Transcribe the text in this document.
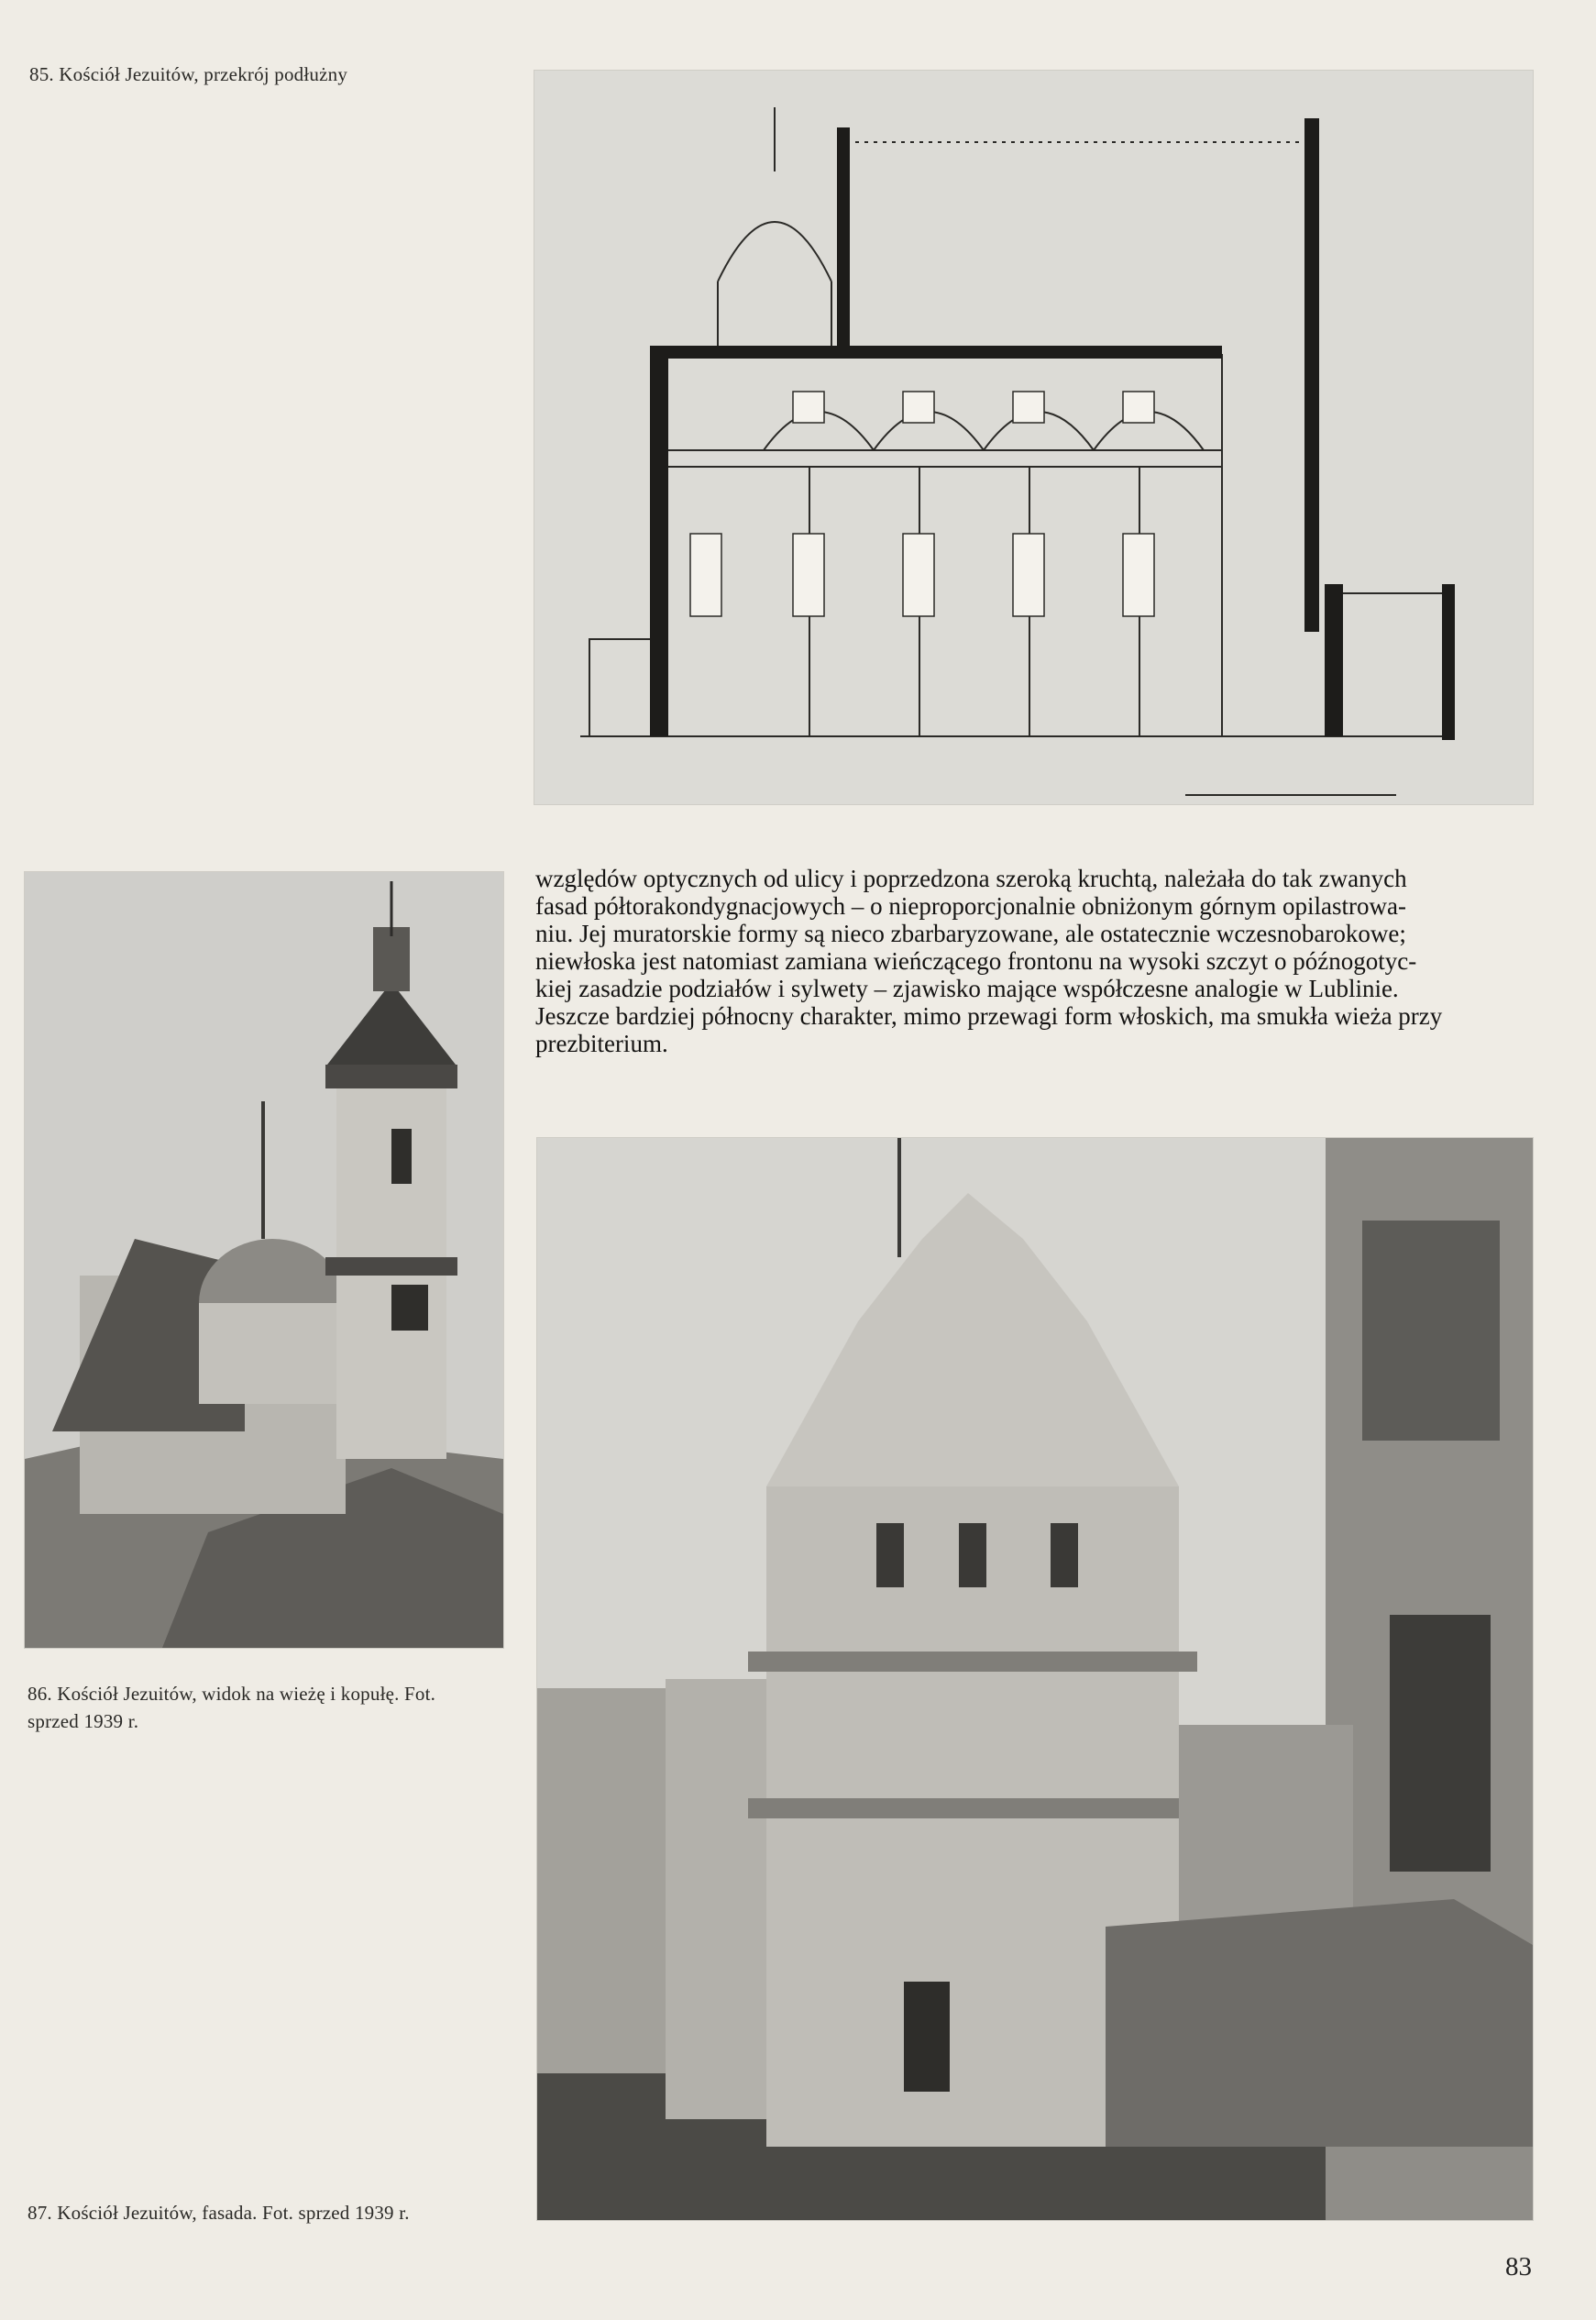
85. Kościół Jezuitów, przekrój podłużny
86. Kościół Jezuitów, widok na wieżę i kopułę. Fot.
sprzed 1939 r.
względów optycznych od ulicy i poprzedzona szeroką kruchtą, należała do tak zwanych
fasad półtorakondygnacjowych – o nieproporcjonalnie obniżonym górnym opilastrowa-
niu. Jej muratorskie formy są nieco zbarbaryzowane, ale ostatecznie wczesnobarokowe;
niewłoska jest natomiast zamiana wieńczącego frontonu na wysoki szczyt o późnogotyc-
kiej zasadzie podziałów i sylwety – zjawisko mające współczesne analogie w Lublinie.
Jeszcze bardziej północny charakter, mimo przewagi form włoskich, ma smukła wieża przy
prezbiterium.
87. Kościół Jezuitów, fasada. Fot. sprzed 1939 r.
83
